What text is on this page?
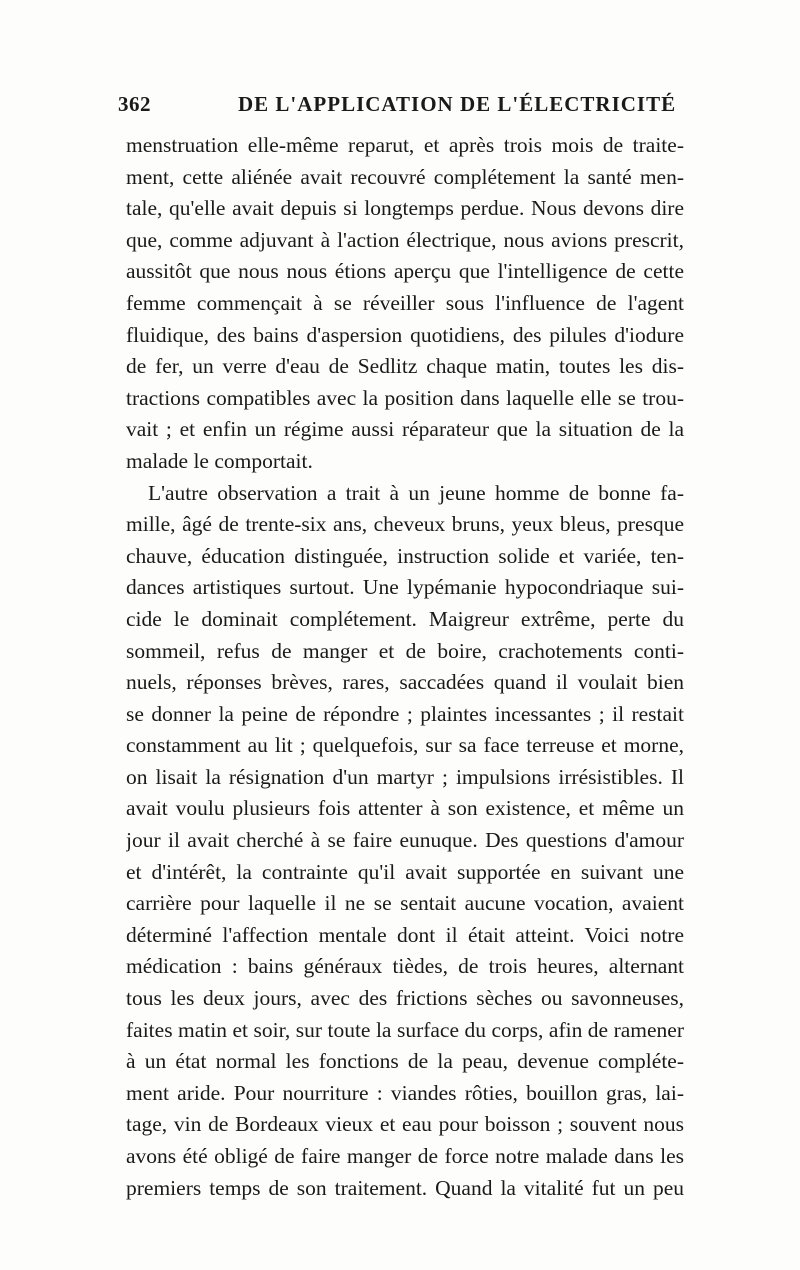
362	DE L'APPLICATION DE L'ÉLECTRICITÉ
menstruation elle-même reparut, et après trois mois de traite-
ment, cette aliénée avait recouvré complétement la santé men-
tale, qu'elle avait depuis si longtemps perdue. Nous devons dire
que, comme adjuvant à l'action électrique, nous avions prescrit,
aussitôt que nous nous étions aperçu que l'intelligence de cette
femme commençait à se réveiller sous l'influence de l'agent
fluidique, des bains d'aspersion quotidiens, des pilules d'iodure
de fer, un verre d'eau de Sedlitz chaque matin, toutes les dis-
tractions compatibles avec la position dans laquelle elle se trou-
vait ; et enfin un régime aussi réparateur que la situation de la
malade le comportait.
L'autre observation a trait à un jeune homme de bonne fa-
mille, âgé de trente-six ans, cheveux bruns, yeux bleus, presque
chauve, éducation distinguée, instruction solide et variée, ten-
dances artistiques surtout. Une lypémanie hypocondriaque sui-
cide le dominait complétement. Maigreur extrême, perte du
sommeil, refus de manger et de boire, crachotements conti-
nuels, réponses brèves, rares, saccadées quand il voulait bien
se donner la peine de répondre ; plaintes incessantes ; il restait
constamment au lit ; quelquefois, sur sa face terreuse et morne,
on lisait la résignation d'un martyr ; impulsions irrésistibles. Il
avait voulu plusieurs fois attenter à son existence, et même un
jour il avait cherché à se faire eunuque. Des questions d'amour
et d'intérêt, la contrainte qu'il avait supportée en suivant une
carrière pour laquelle il ne se sentait aucune vocation, avaient
déterminé l'affection mentale dont il était atteint. Voici notre
médication : bains généraux tièdes, de trois heures, alternant
tous les deux jours, avec des frictions sèches ou savonneuses,
faites matin et soir, sur toute la surface du corps, afin de ramener
à un état normal les fonctions de la peau, devenue compléte-
ment aride. Pour nourriture : viandes rôties, bouillon gras, lai-
tage, vin de Bordeaux vieux et eau pour boisson ; souvent nous
avons été obligé de faire manger de force notre malade dans les
premiers temps de son traitement. Quand la vitalité fut un peu
